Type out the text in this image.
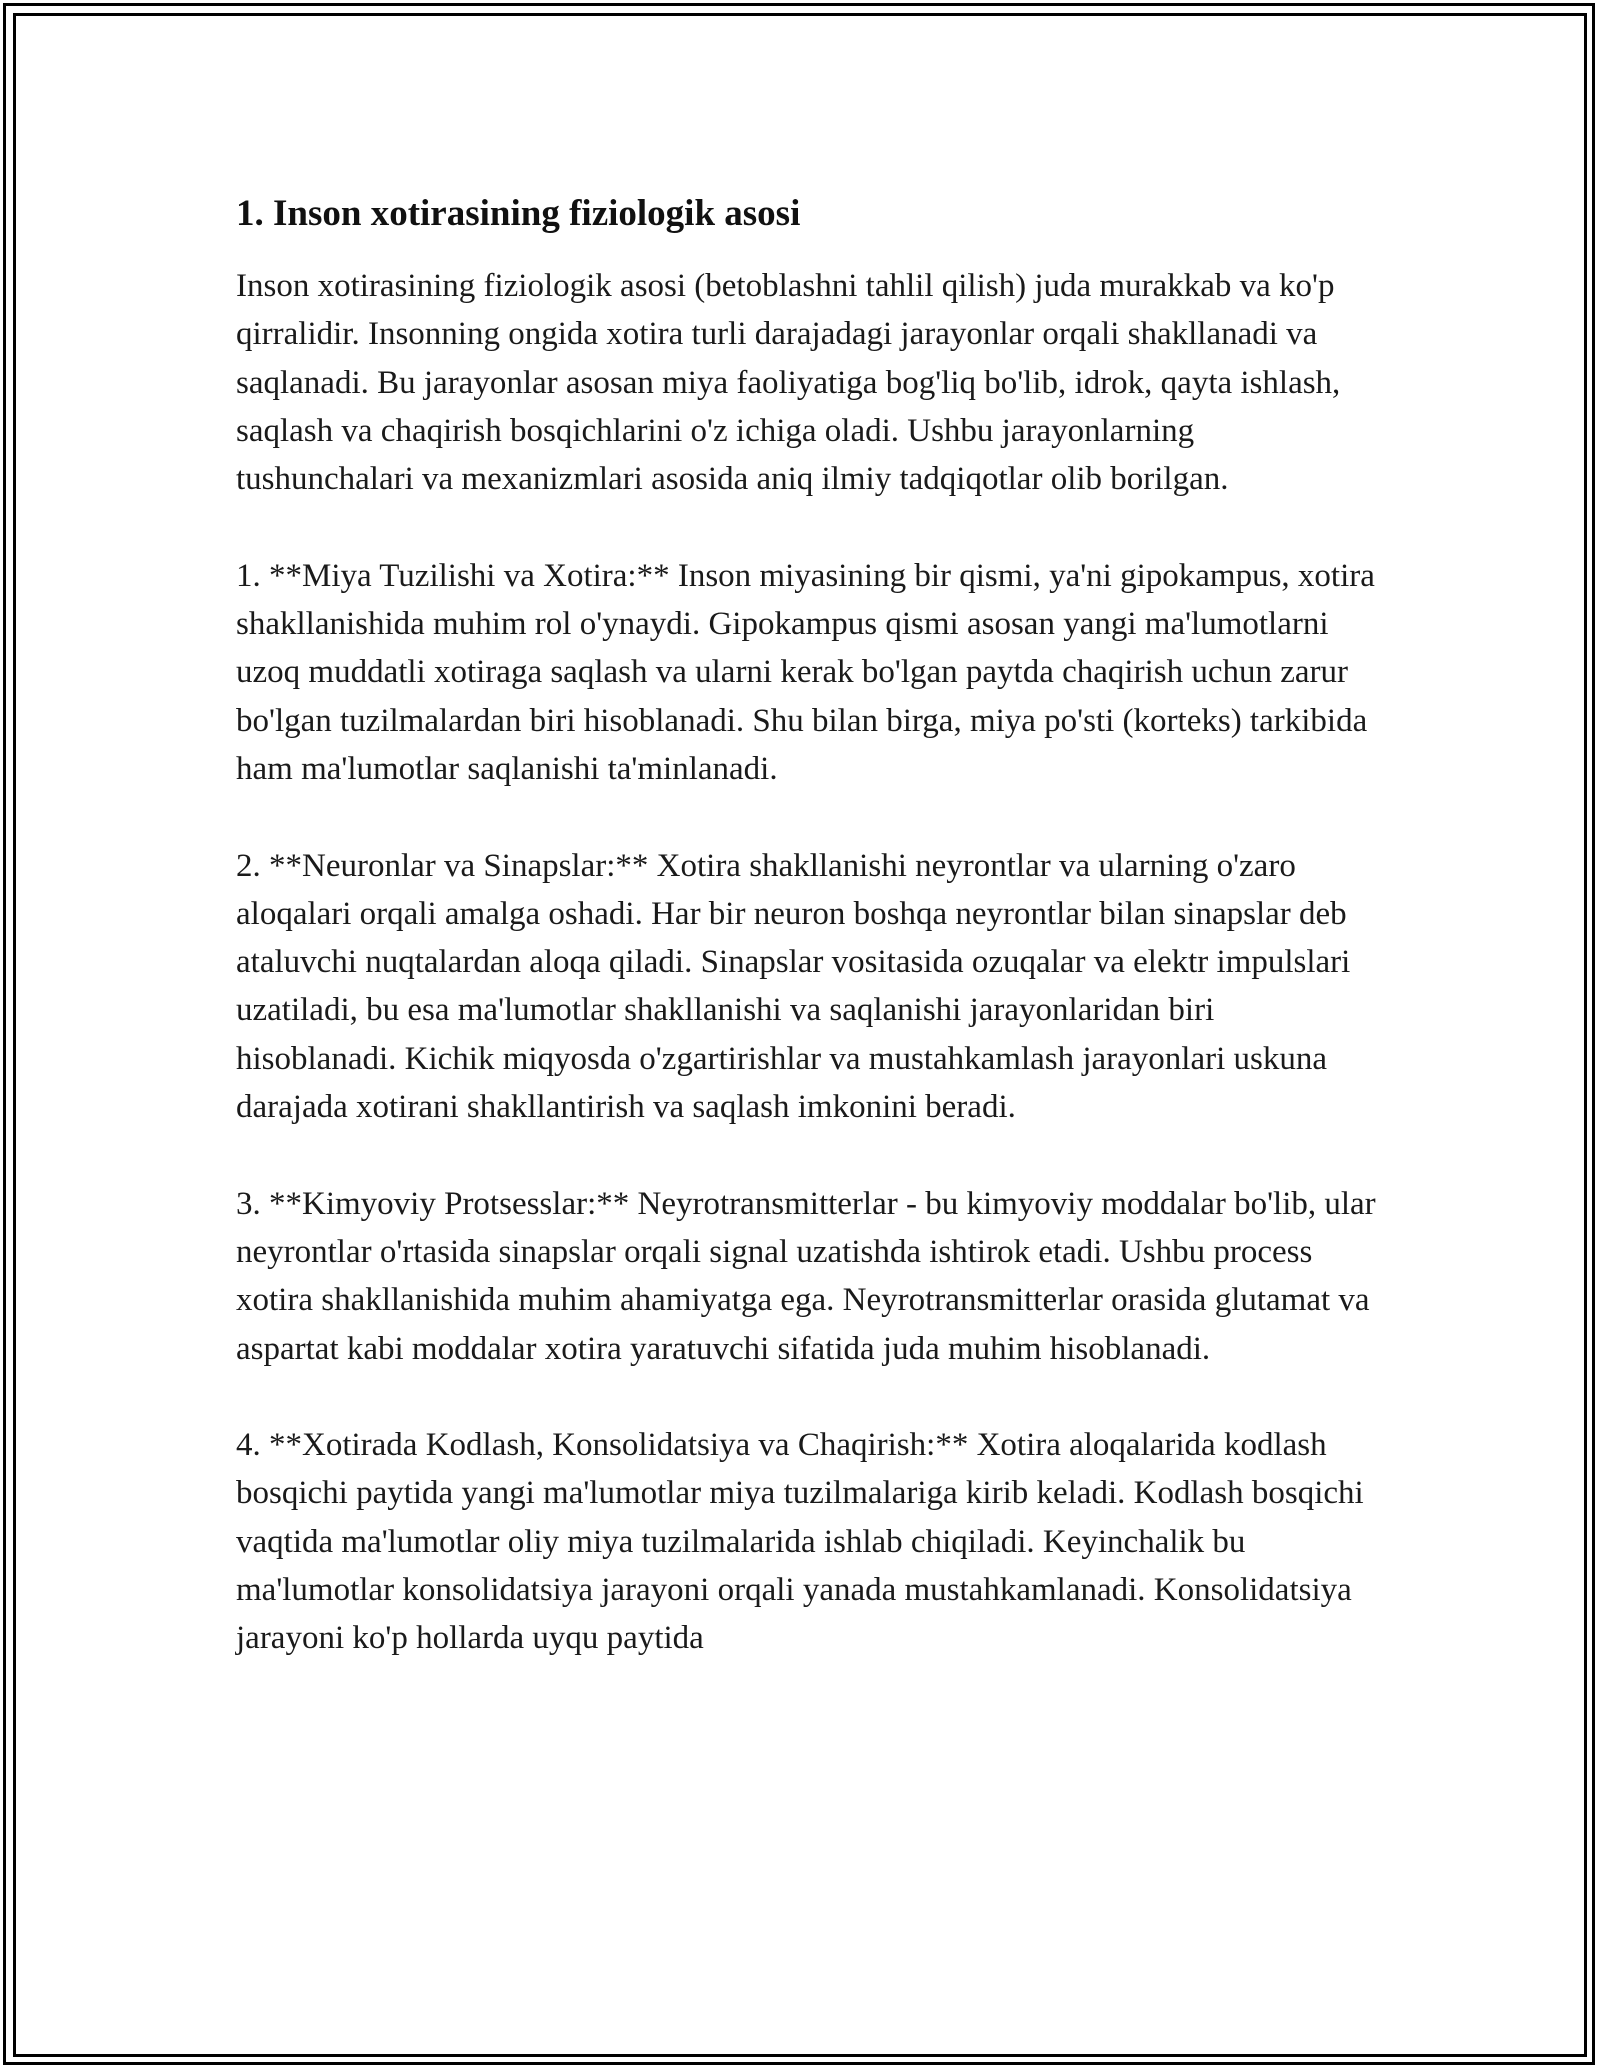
1. Inson xotirasining fiziologik asosi

Inson xotirasining fiziologik asosi (betoblashni tahlil qilish) juda murakkab va ko'p qirralidir. Insonning ongida xotira turli darajadagi jarayonlar orqali shakllanadi va saqlanadi. Bu jarayonlar asosan miya faoliyatiga bog'liq bo'lib, idrok, qayta ishlash, saqlash va chaqirish bosqichlarini o'z ichiga oladi. Ushbu jarayonlarning tushunchalari va mexanizmlari asosida aniq ilmiy tadqiqotlar olib borilgan.

1. **Miya Tuzilishi va Xotira:** Inson miyasining bir qismi, ya'ni gipokampus, xotira shakllanishida muhim rol o'ynaydi. Gipokampus qismi asosan yangi ma'lumotlarni uzoq muddatli xotiraga saqlash va ularni kerak bo'lgan paytda chaqirish uchun zarur bo'lgan tuzilmalardan biri hisoblanadi. Shu bilan birga, miya po'sti (korteks) tarkibida ham ma'lumotlar saqlanishi ta'minlanadi.

2. **Neuronlar va Sinapslar:** Xotira shakllanishi neyrontlar va ularning o'zaro aloqalari orqali amalga oshadi. Har bir neuron boshqa neyrontlar bilan sinapslar deb ataluvchi nuqtalardan aloqa qiladi. Sinapslar vositasida ozuqalar va elektr impulslari uzatiladi, bu esa ma'lumotlar shakllanishi va saqlanishi jarayonlaridan biri hisoblanadi. Kichik miqyosda o'zgartirishlar va mustahkamlash jarayonlari uskuna darajada xotirani shakllantirish va saqlash imkonini beradi.

3. **Kimyoviy Protsesslar:** Neyrotransmitterlar - bu kimyoviy moddalar bo'lib, ular neyrontlar o'rtasida sinapslar orqali signal uzatishda ishtirok etadi. Ushbu process xotira shakllanishida muhim ahamiyatga ega. Neyrotransmitterlar orasida glutamat va aspartat kabi moddalar xotira yaratuvchi sifatida juda muhim hisoblanadi.

4. **Xotirada Kodlash, Konsolidatsiya va Chaqirish:** Xotira aloqalarida kodlash bosqichi paytida yangi ma'lumotlar miya tuzilmalariga kirib keladi. Kodlash bosqichi vaqtida ma'lumotlar oliy miya tuzilmalarida ishlab chiqiladi. Keyinchalik bu ma'lumotlar konsolidatsiya jarayoni orqali yanada mustahkamlanadi. Konsolidatsiya jarayoni ko'p hollarda uyqu paytida
